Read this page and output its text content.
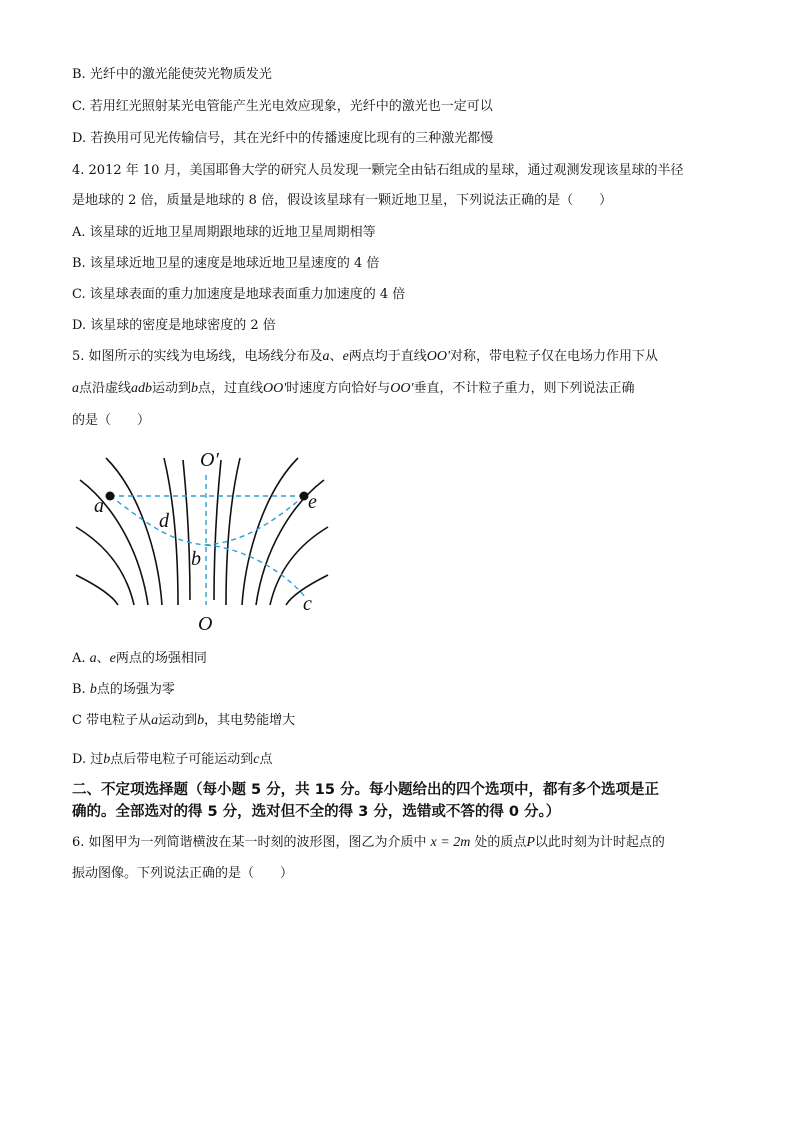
B. 光纤中的激光能使荧光物质发光
C. 若用红光照射某光电管能产生光电效应现象，光纤中的激光也一定可以
D. 若换用可见光传输信号，其在光纤中的传播速度比现有的三种激光都慢
4. 2012 年 10 月，美国耶鲁大学的研究人员发现一颗完全由钻石组成的星球，通过观测发现该星球的半径
是地球的 2 倍，质量是地球的 8 倍，假设该星球有一颗近地卫星，下列说法正确的是（　　）
A. 该星球的近地卫星周期跟地球的近地卫星周期相等
B. 该星球近地卫星的速度是地球近地卫星速度的 4 倍
C. 该星球表面的重力加速度是地球表面重力加速度的 4 倍
D. 该星球的密度是地球密度的 2 倍
5. 如图所示的实线为电场线，电场线分布及a、e两点均于直线OO'对称，带电粒子仅在电场力作用下从
a点沿虚线adb运动到b点，过直线OO'时速度方向恰好与OO'垂直，不计粒子重力，则下列说法正确
的是（　　）
O′
O
a
d
b
e
c
A. a、e两点的场强相同
B. b点的场强为零
C 带电粒子从a运动到b，其电势能增大
D. 过b点后带电粒子可能运动到c点
二、不定项选择题（每小题 5 分，共 15 分。每小题给出的四个选项中，都有多个选项是正
确的。全部选对的得 5 分，选对但不全的得 3 分，选错或不答的得 0 分。）
6. 如图甲为一列简谐横波在某一时刻的波形图，图乙为介质中 x = 2m 处的质点P以此时刻为计时起点的
振动图像。下列说法正确的是（　　）
